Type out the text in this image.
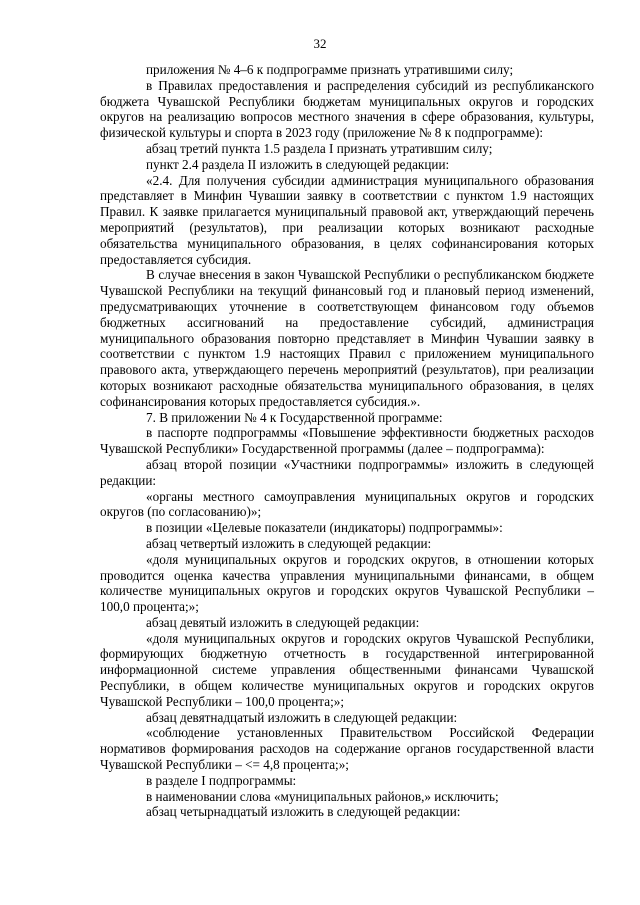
32

приложения № 4–6 к подпрограмме признать утратившими силу;

в Правилах предоставления и распределения субсидий из республиканского бюджета Чувашской Республики бюджетам муниципальных округов и городских округов на реализацию вопросов местного значения в сфере образования, культуры, физической культуры и спорта в 2023 году (приложение № 8 к подпрограмме):

абзац третий пункта 1.5 раздела I признать утратившим силу;

пункт 2.4 раздела II изложить в следующей редакции:

«2.4. Для получения субсидии администрация муниципального образования представляет в Минфин Чувашии заявку в соответствии с пунктом 1.9 настоящих Правил. К заявке прилагается муниципальный правовой акт, утверждающий перечень мероприятий (результатов), при реализации которых возникают расходные обязательства муниципального образования, в целях софинансирования которых предоставляется субсидия.

В случае внесения в закон Чувашской Республики о республиканском бюджете Чувашской Республики на текущий финансовый год и плановый период изменений, предусматривающих уточнение в соответствующем финансовом году объемов бюджетных ассигнований на предоставление субсидий, администрация муниципального образования повторно представляет в Минфин Чувашии заявку в соответствии с пунктом 1.9 настоящих Правил с приложением муниципального правового акта, утверждающего перечень мероприятий (результатов), при реализации которых возникают расходные обязательства муниципального образования, в целях софинансирования которых предоставляется субсидия.».

7. В приложении № 4 к Государственной программе:

в паспорте подпрограммы «Повышение эффективности бюджетных расходов Чувашской Республики» Государственной программы (далее – подпрограмма):

абзац второй позиции «Участники подпрограммы» изложить в следующей редакции:

«органы местного самоуправления муниципальных округов и городских округов (по согласованию)»;

в позиции «Целевые показатели (индикаторы) подпрограммы»:

абзац четвертый изложить в следующей редакции:

«доля муниципальных округов и городских округов, в отношении которых проводится оценка качества управления муниципальными финансами, в общем количестве муниципальных округов и городских округов Чувашской Республики – 100,0 процента;»;

абзац девятый изложить в следующей редакции:

«доля муниципальных округов и городских округов Чувашской Республики, формирующих бюджетную отчетность в государственной интегрированной информационной системе управления общественными финансами Чувашской Республики, в общем количестве муниципальных округов и городских округов Чувашской Республики – 100,0 процента;»;

абзац девятнадцатый изложить в следующей редакции:

«соблюдение установленных Правительством Российской Федерации нормативов формирования расходов на содержание органов государственной власти Чувашской Республики – <= 4,8 процента;»;

в разделе I подпрограммы:

в наименовании слова «муниципальных районов,» исключить;

абзац четырнадцатый изложить в следующей редакции:
